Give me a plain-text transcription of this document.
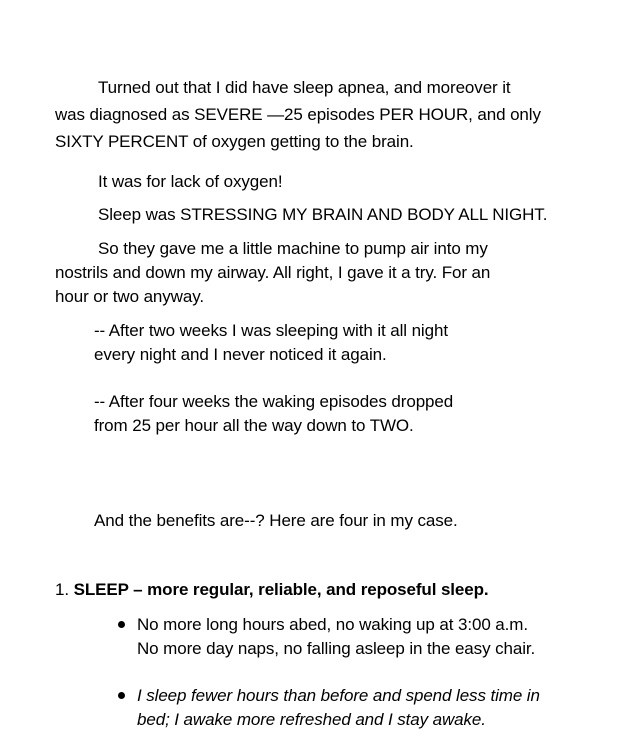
Turned out that I did have sleep apnea, and moreover it
was diagnosed as SEVERE —25 episodes PER HOUR, and only
SIXTY PERCENT of oxygen getting to the brain.
It was for lack of oxygen!
Sleep was STRESSING MY BRAIN AND BODY ALL NIGHT.
So they gave me a little machine to pump air into my
nostrils and down my airway. All right, I gave it a try. For an
hour or two anyway.
-- After two weeks I was sleeping with it all night
every night and I never noticed it again.
-- After four weeks the waking episodes dropped
from 25 per hour all the way down to TWO.
And the benefits are--? Here are four in my case.
1. SLEEP – more regular, reliable, and reposeful sleep.
No more long hours abed, no waking up at 3:00 a.m.
No more day naps, no falling asleep in the easy chair.
I sleep fewer hours than before and spend less time in
bed; I awake more refreshed and I stay awake.
